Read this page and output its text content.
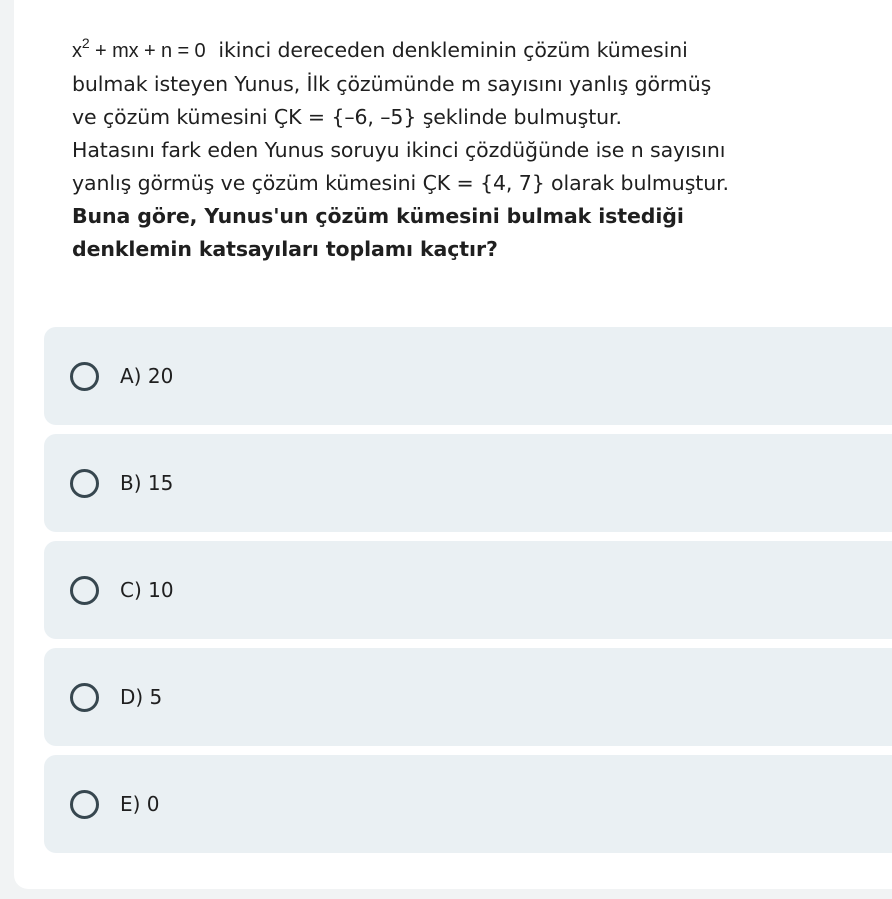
$x^2$ + mx + n = 0  ikinci dereceden denkleminin çözüm kümesini
bulmak isteyen Yunus, İlk çözümünde m sayısını yanlış görmüş
ve çözüm kümesini ÇK = {–6, –5} şeklinde bulmuştur.
Hatasını fark eden Yunus soruyu ikinci çözdüğünde ise n sayısını
yanlış görmüş ve çözüm kümesini ÇK = {4, 7} olarak bulmuştur.
Buna göre, Yunus'un çözüm kümesini bulmak istediği
denklemin katsayıları toplamı kaçtır?
A) 20
B) 15
C) 10
D) 5
E) 0
